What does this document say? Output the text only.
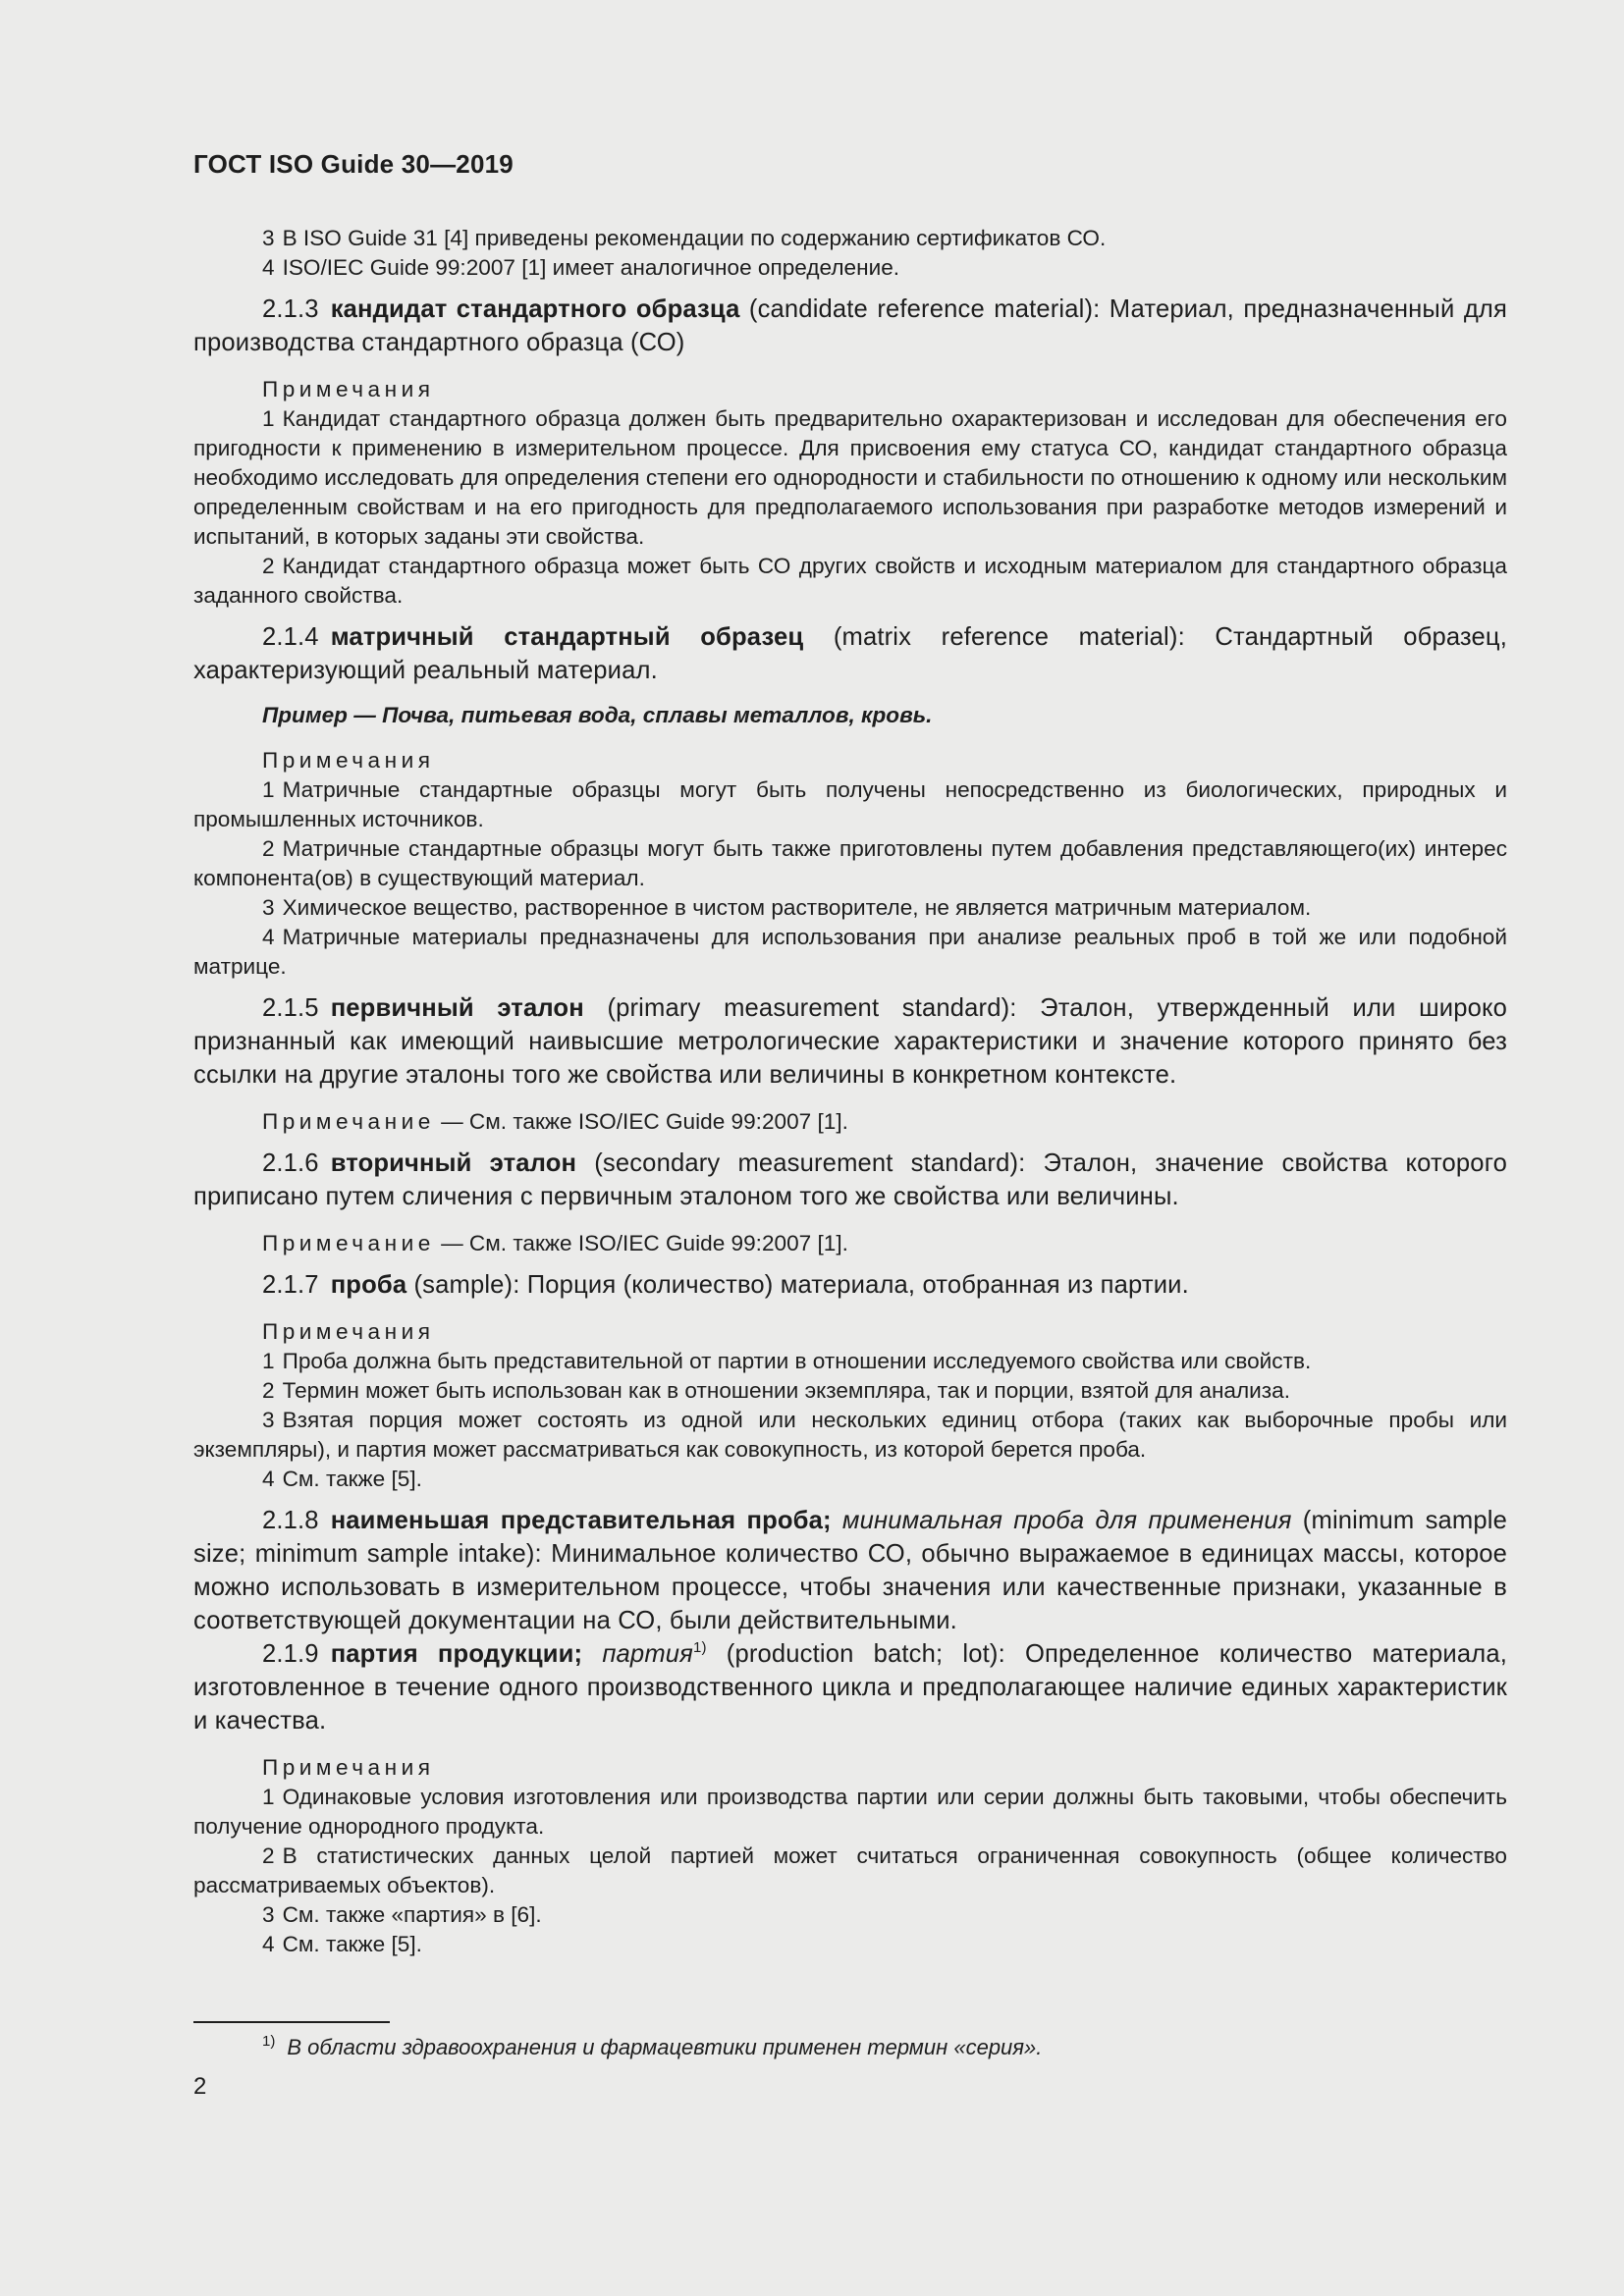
ГОСТ ISO Guide 30—2019

3 В ISO Guide 31 [4] приведены рекомендации по содержанию сертификатов СО.

4 ISO/IEC Guide 99:2007 [1] имеет аналогичное определение.

2.1.3 кандидат стандартного образца (candidate reference material): Материал, предназначенный для производства стандартного образца (СО)

Примечания

1 Кандидат стандартного образца должен быть предварительно охарактеризован и исследован для обеспечения его пригодности к применению в измерительном процессе. Для присвоения ему статуса СО, кандидат стандартного образца необходимо исследовать для определения степени его однородности и стабильности по отношению к одному или нескольким определенным свойствам и на его пригодность для предполагаемого использования при разработке методов измерений и испытаний, в которых заданы эти свойства.

2 Кандидат стандартного образца может быть СО других свойств и исходным материалом для стандартного образца заданного свойства.

2.1.4 матричный стандартный образец (matrix reference material): Стандартный образец, характеризующий реальный материал.

Пример — Почва, питьевая вода, сплавы металлов, кровь.

Примечания

1 Матричные стандартные образцы могут быть получены непосредственно из биологических, природных и промышленных источников.

2 Матричные стандартные образцы могут быть также приготовлены путем добавления представляющего(их) интерес компонента(ов) в существующий материал.

3 Химическое вещество, растворенное в чистом растворителе, не является матричным материалом.

4 Матричные материалы предназначены для использования при анализе реальных проб в той же или подобной матрице.

2.1.5 первичный эталон (primary measurement standard): Эталон, утвержденный или широко признанный как имеющий наивысшие метрологические характеристики и значение которого принято без ссылки на другие эталоны того же свойства или величины в конкретном контексте.

Примечание — См. также ISO/IEC Guide 99:2007 [1].

2.1.6 вторичный эталон (secondary measurement standard): Эталон, значение свойства которого приписано путем сличения с первичным эталоном того же свойства или величины.

Примечание — См. также ISO/IEC Guide 99:2007 [1].

2.1.7 проба (sample): Порция (количество) материала, отобранная из партии.

Примечания

1 Проба должна быть представительной от партии в отношении исследуемого свойства или свойств.

2 Термин может быть использован как в отношении экземпляра, так и порции, взятой для анализа.

3 Взятая порция может состоять из одной или нескольких единиц отбора (таких как выборочные пробы или экземпляры), и партия может рассматриваться как совокупность, из которой берется проба.

4 См. также [5].

2.1.8 наименьшая представительная проба; минимальная проба для применения (minimum sample size; minimum sample intake): Минимальное количество СО, обычно выражаемое в единицах массы, которое можно использовать в измерительном процессе, чтобы значения или качественные признаки, указанные в соответствующей документации на СО, были действительными.

2.1.9 партия продукции; партия$^{1)}$ (production batch; lot): Определенное количество материала, изготовленное в течение одного производственного цикла и предполагающее наличие единых характеристик и качества.

Примечания

1 Одинаковые условия изготовления или производства партии или серии должны быть таковыми, чтобы обеспечить получение однородного продукта.

2 В статистических данных целой партией может считаться ограниченная совокупность (общее количество рассматриваемых объектов).

3 См. также «партия» в [6].

4 См. также [5].

$^{1)}$ В области здравоохранения и фармацевтики применен термин «серия».
2
